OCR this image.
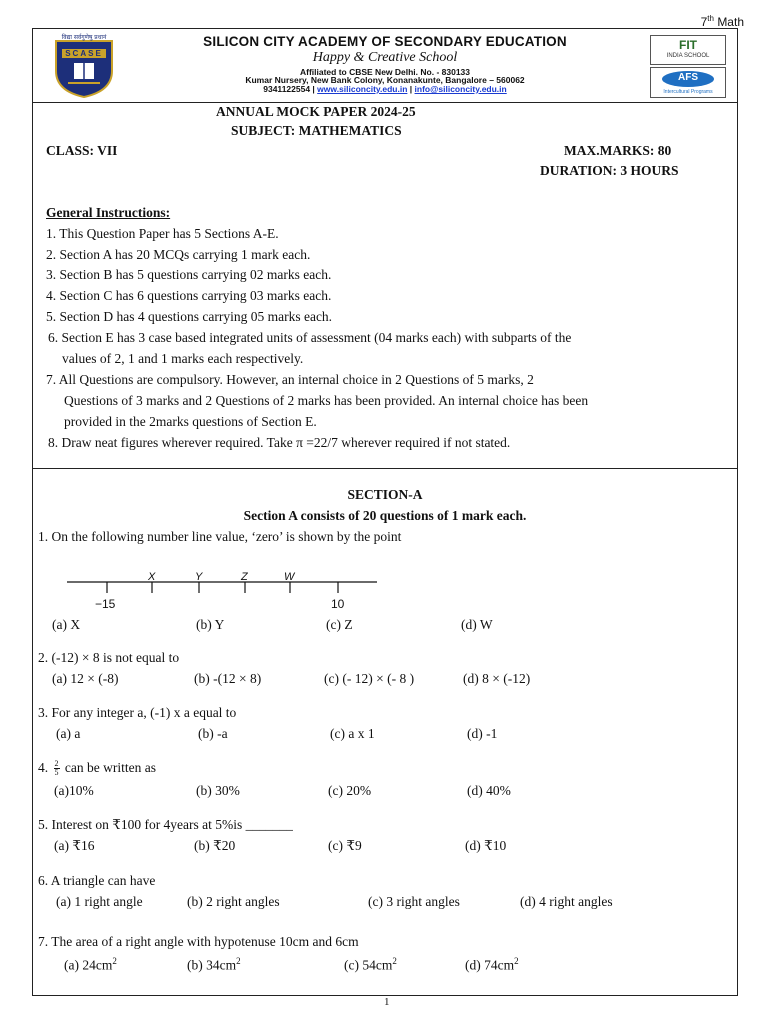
7th Math
विद्या सर्वगुणेषु प्रधानं
SCASE
SILICON CITY ACADEMY OF SECONDARY EDUCATION
Happy & Creative School
Affiliated to CBSE New Delhi. No. - 830133
Kumar Nursery, New Bank Colony, Konanakunte, Bangalore – 560062
9341122554 | www.siliconcity.edu.in | info@siliconcity.edu.in
FIT
INDIA SCHOOL
AFS
Intercultural Programs
ANNUAL MOCK PAPER 2024-25
SUBJECT: MATHEMATICS
CLASS: VII	MAX.MARKS: 80
DURATION: 3 HOURS
General Instructions:
1. This Question Paper has 5 Sections A-E.
2. Section A has 20 MCQs carrying 1 mark each.
3. Section B has 5 questions carrying 02 marks each.
4. Section C has 6 questions carrying 03 marks each.
5. Section D has 4 questions carrying 05 marks each.
6. Section E has 3 case based integrated units of assessment (04 marks each) with subparts of the
values of 2, 1 and 1 marks each respectively.
7. All Questions are compulsory. However, an internal choice in 2 Questions of 5 marks, 2
Questions of 3 marks and 2 Questions of 2 marks has been provided. An internal choice has been
provided in the 2marks questions of Section E.
8. Draw neat figures wherever required. Take π =22/7 wherever required if not stated.
SECTION-A
Section A consists of 20 questions of 1 mark each.
1. On the following number line value, ‘zero’ is shown by the point
X	Y	Z	W
−15	10
(a) X	(b) Y	(c) Z	(d) W
2. (-12) × 8 is not equal to
(a) 12 × (-8)	(b) -(12 × 8)	(c) (- 12) × (- 8 )	(d) 8 × (-12)
3. For any integer a, (-1) x a equal to
(a) a	(b) -a	(c) a x 1	(d) -1
4. $\frac{2}{5}$ can be written as
(a)10%	(b) 30%	(c) 20%	(d) 40%
5. Interest on ₹100 for 4years at 5%is _______
(a) ₹16	(b) ₹20	(c) ₹9	(d) ₹10
6. A triangle can have
(a) 1 right angle	(b) 2 right angles	(c) 3 right angles	(d) 4 right angles
7. The area of a right angle with hypotenuse 10cm and 6cm
(a) $24cm^2$	(b) $34cm^2$	(c) $54cm^2$	(d) $74cm^2$
1
